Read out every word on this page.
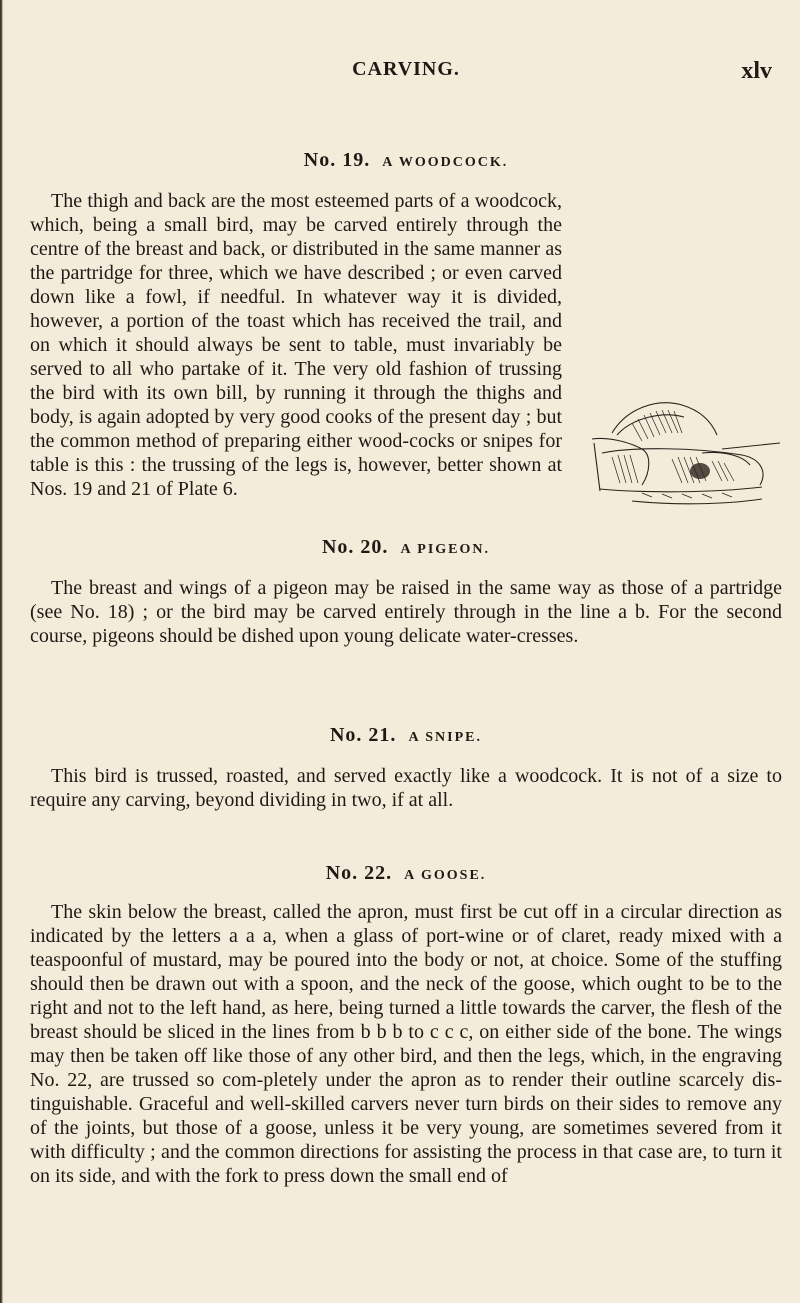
CARVING.	xlv
No. 19. A WOODCOCK.

The thigh and back are the most esteemed parts of a woodcock, which, being a small bird, may be carved entirely through the centre of the breast and back, or distributed in the same manner as the partridge for three, which we have described ; or even carved down like a fowl, if needful. In whatever way it is divided, however, a portion of the toast which has received the trail, and on which it should always be sent to table, must invariably be served to all who partake of it. The very old fashion of trussing the bird with its own bill, by running it through the thighs and body, is again adopted by very good cooks of the present day ; but the common method of preparing either wood-cocks or snipes for table is this : the trussing of the legs is, however, better shown at Nos. 19 and 21 of Plate 6.

No. 20. A PIGEON.

The breast and wings of a pigeon may be raised in the same way as those of a partridge (see No. 18) ; or the bird may be carved entirely through in the line a b. For the second course, pigeons should be dished upon young delicate water-cresses.

No. 21. A SNIPE.

This bird is trussed, roasted, and served exactly like a woodcock. It is not of a size to require any carving, beyond dividing in two, if at all.

No. 22. A GOOSE.

The skin below the breast, called the apron, must first be cut off in a circular direction as indicated by the letters a a a, when a glass of port-wine or of claret, ready mixed with a teaspoonful of mustard, may be poured into the body or not, at choice. Some of the stuffing should then be drawn out with a spoon, and the neck of the goose, which ought to be to the right and not to the left hand, as here, being turned a little towards the carver, the flesh of the breast should be sliced in the lines from b b b to c c c, on either side of the bone. The wings may then be taken off like those of any other bird, and then the legs, which, in the engraving No. 22, are trussed so com-pletely under the apron as to render their outline scarcely dis-tinguishable. Graceful and well-skilled carvers never turn birds on their sides to remove any of the joints, but those of a goose, unless it be very young, are sometimes severed from it with difficulty ; and the common directions for assisting the process in that case are, to turn it on its side, and with the fork to press down the small end of
